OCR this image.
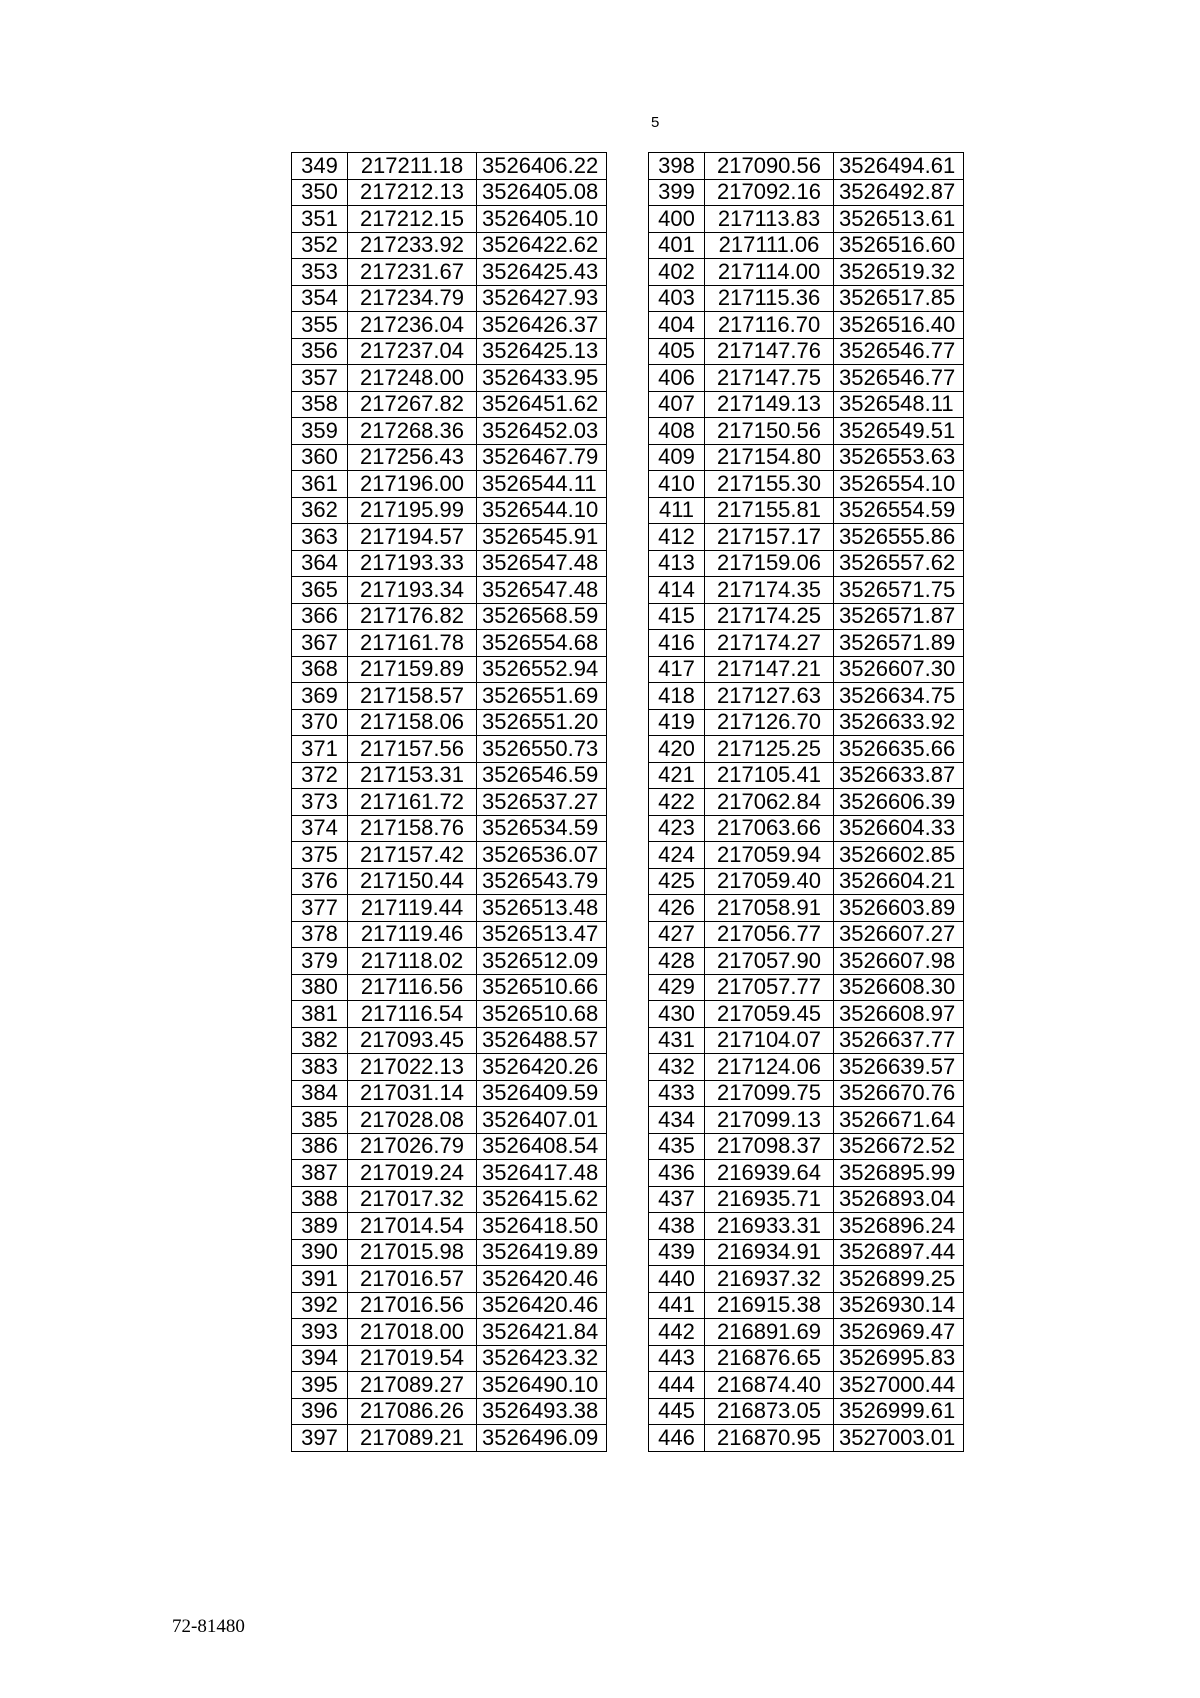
5
349	217211.18	3526406.22
350	217212.13	3526405.08
351	217212.15	3526405.10
352	217233.92	3526422.62
353	217231.67	3526425.43
354	217234.79	3526427.93
355	217236.04	3526426.37
356	217237.04	3526425.13
357	217248.00	3526433.95
358	217267.82	3526451.62
359	217268.36	3526452.03
360	217256.43	3526467.79
361	217196.00	3526544.11
362	217195.99	3526544.10
363	217194.57	3526545.91
364	217193.33	3526547.48
365	217193.34	3526547.48
366	217176.82	3526568.59
367	217161.78	3526554.68
368	217159.89	3526552.94
369	217158.57	3526551.69
370	217158.06	3526551.20
371	217157.56	3526550.73
372	217153.31	3526546.59
373	217161.72	3526537.27
374	217158.76	3526534.59
375	217157.42	3526536.07
376	217150.44	3526543.79
377	217119.44	3526513.48
378	217119.46	3526513.47
379	217118.02	3526512.09
380	217116.56	3526510.66
381	217116.54	3526510.68
382	217093.45	3526488.57
383	217022.13	3526420.26
384	217031.14	3526409.59
385	217028.08	3526407.01
386	217026.79	3526408.54
387	217019.24	3526417.48
388	217017.32	3526415.62
389	217014.54	3526418.50
390	217015.98	3526419.89
391	217016.57	3526420.46
392	217016.56	3526420.46
393	217018.00	3526421.84
394	217019.54	3526423.32
395	217089.27	3526490.10
396	217086.26	3526493.38
397	217089.21	3526496.09
398	217090.56	3526494.61
399	217092.16	3526492.87
400	217113.83	3526513.61
401	217111.06	3526516.60
402	217114.00	3526519.32
403	217115.36	3526517.85
404	217116.70	3526516.40
405	217147.76	3526546.77
406	217147.75	3526546.77
407	217149.13	3526548.11
408	217150.56	3526549.51
409	217154.80	3526553.63
410	217155.30	3526554.10
411	217155.81	3526554.59
412	217157.17	3526555.86
413	217159.06	3526557.62
414	217174.35	3526571.75
415	217174.25	3526571.87
416	217174.27	3526571.89
417	217147.21	3526607.30
418	217127.63	3526634.75
419	217126.70	3526633.92
420	217125.25	3526635.66
421	217105.41	3526633.87
422	217062.84	3526606.39
423	217063.66	3526604.33
424	217059.94	3526602.85
425	217059.40	3526604.21
426	217058.91	3526603.89
427	217056.77	3526607.27
428	217057.90	3526607.98
429	217057.77	3526608.30
430	217059.45	3526608.97
431	217104.07	3526637.77
432	217124.06	3526639.57
433	217099.75	3526670.76
434	217099.13	3526671.64
435	217098.37	3526672.52
436	216939.64	3526895.99
437	216935.71	3526893.04
438	216933.31	3526896.24
439	216934.91	3526897.44
440	216937.32	3526899.25
441	216915.38	3526930.14
442	216891.69	3526969.47
443	216876.65	3526995.83
444	216874.40	3527000.44
445	216873.05	3526999.61
446	216870.95	3527003.01
72-81480
